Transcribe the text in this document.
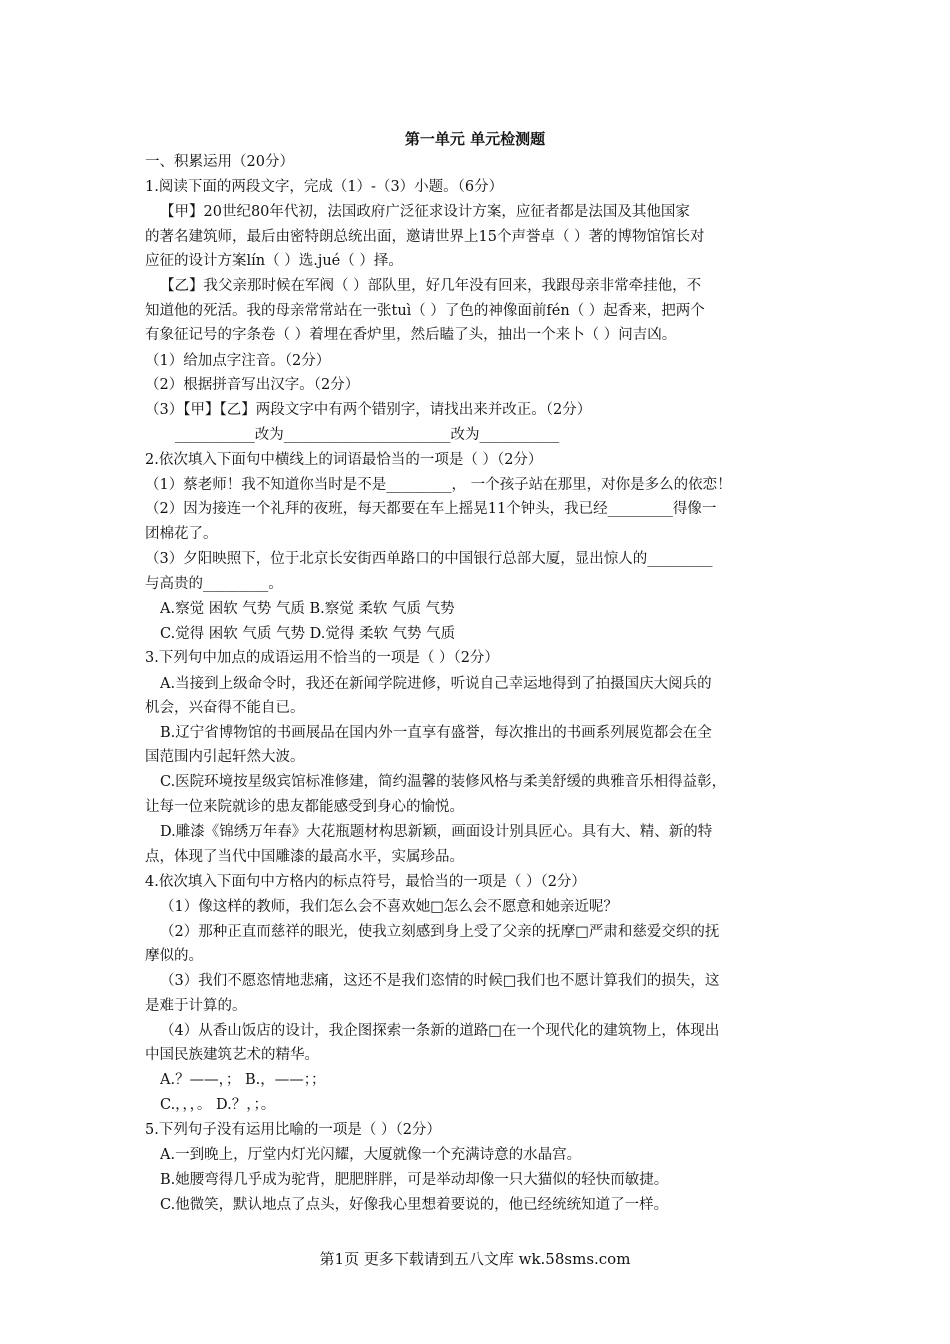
第一单元 单元检测题
一、积累运用（20分）
1.阅读下面的两段文字，完成（1）-（3）小题。（6分）
【甲】20世纪80年代初，法国政府广泛征求设计方案，应征者都是法国及其他国家
的著名建筑师，最后由密特朗总统出面，邀请世界上15个声誉卓（ ）著的博物馆馆长对
应征的设计方案lín（ ）选.jué（ ）择。
【乙】我父亲那时候在军阀（ ）部队里，好几年没有回来，我跟母亲非常牵挂他，不
知道他的死活。我的母亲常常站在一张tuì（ ）了色的神像面前fén（ ）起香来，把两个
有象征记号的字条卷（ ）着埋在香炉里，然后瞌了头，抽出一个来卜（ ）问吉凶。
（1）给加点字注音。（2分）
（2）根据拼音写出汉字。（2分）
（3）【甲】【乙】两段文字中有两个错别字，请找出来并改正。（2分）
___________改为_______________________改为___________
2.依次填入下面句中横线上的词语最恰当的一项是（ ）（2分）
（1）蔡老师！我不知道你当时是不是_________， 一个孩子站在那里，对你是多么的依恋！
（2）因为接连一个礼拜的夜班，每天都要在车上摇晃11个钟头，我已经_________得像一
团棉花了。
（3）夕阳映照下，位于北京长安街西单路口的中国银行总部大厦，显出惊人的_________
与高贵的_________。
A.察觉 困软 气势 气质 B.察觉 柔软 气质 气势
C.觉得 困软 气质 气势 D.觉得 柔软 气势 气质
3.下列句中加点的成语运用不恰当的一项是（ ）（2分）
A.当接到上级命令时，我还在新闻学院进修，听说自己幸运地得到了拍摄国庆大阅兵的
机会，兴奋得不能自已。
B.辽宁省博物馆的书画展品在国内外一直享有盛誉，每次推出的书画系列展览都会在全
国范围内引起轩然大波。
C.医院环境按星级宾馆标准修建，简约温馨的装修风格与柔美舒缓的典雅音乐相得益彰，
让每一位来院就诊的患友都能感受到身心的愉悦。
D.雕漆《锦绣万年春》大花瓶题材构思新颖，画面设计别具匠心。具有大、精、新的特
点，体现了当代中国雕漆的最高水平，实属珍品。
4.依次填入下面句中方格内的标点符号，最恰当的一项是（ ）（2分）
（1）像这样的教师，我们怎么会不喜欢她□怎么会不愿意和她亲近呢？
（2）那种正直而慈祥的眼光，使我立刻感到身上受了父亲的抚摩□严肃和慈爱交织的抚
摩似的。
（3）我们不愿恣情地悲痛，这还不是我们恣情的时候□我们也不愿计算我们的损失，这
是难于计算的。
（4）从香山饭店的设计，我企图探索一条新的道路□在一个现代化的建筑物上，体现出
中国民族建筑艺术的精华。
A.？——，； B.，——；；
C.，，，。 D.？，；。
5.下列句子没有运用比喻的一项是（ ）（2分）
A.一到晚上，厅堂内灯光闪耀，大厦就像一个充满诗意的水晶宫。
B.她腰弯得几乎成为驼背，肥肥胖胖，可是举动却像一只大猫似的轻快而敏捷。
C.他微笑，默认地点了点头，好像我心里想着要说的，他已经统统知道了一样。
第1页 更多下载请到五八文库 wk.58sms.com
